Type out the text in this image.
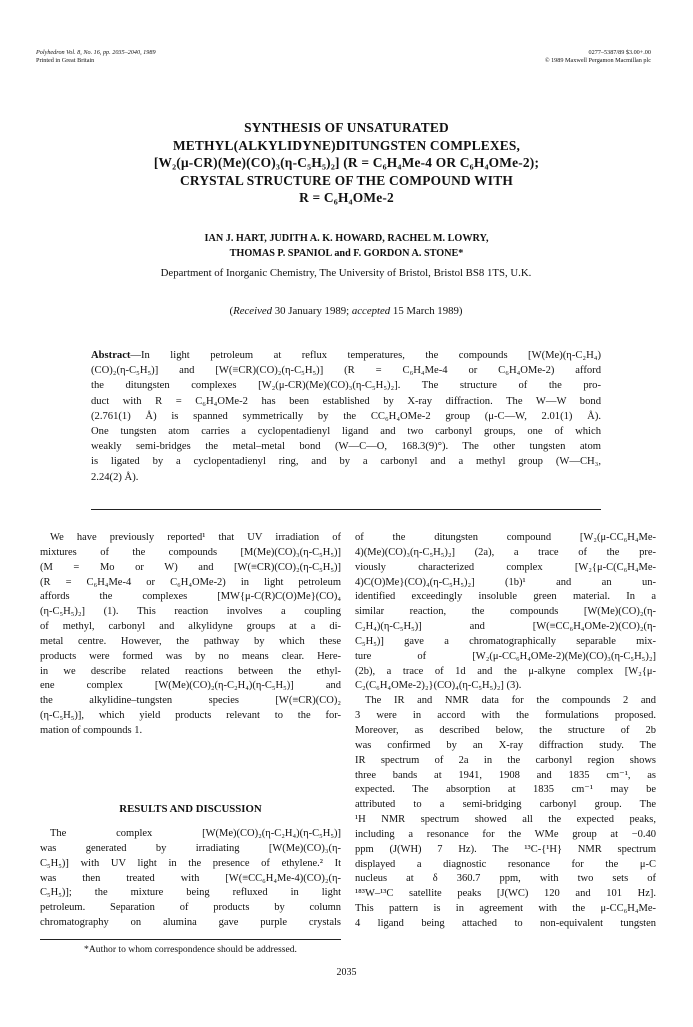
Polyhedron Vol. 8, No. 16, pp. 2035–2040, 1989
Printed in Great Britain
0277–5387/89 $3.00+.00
© 1989 Maxwell Pergamon Macmillan plc
SYNTHESIS OF UNSATURATED
METHYL(ALKYLIDYNE)DITUNGSTEN COMPLEXES,
[W₂(μ-CR)(Me)(CO)₃(η-C₅H₅)₂] (R = C₆H₄Me-4 OR C₆H₄OMe-2);
CRYSTAL STRUCTURE OF THE COMPOUND WITH
R = C₆H₄OMe-2
IAN J. HART, JUDITH A. K. HOWARD, RACHEL M. LOWRY,
THOMAS P. SPANIOL and F. GORDON A. STONE*
Department of Inorganic Chemistry, The University of Bristol, Bristol BS8 1TS, U.K.
(Received 30 January 1989; accepted 15 March 1989)

Abstract—In light petroleum at reflux temperatures, the compounds [W(Me)(η-C₂H₄)

(CO)₂(η-C₅H₅)] and [W(≡CR)(CO)₂(η-C₅H₅)] (R = C₆H₄Me-4 or C₆H₄OMe-2) afford

the ditungsten complexes [W₂(μ-CR)(Me)(CO)₃(η-C₅H₅)₂]. The structure of the pro-

duct with R = C₆H₄OMe-2 has been established by X-ray diffraction. The W—W bond

(2.761(1) Å) is spanned symmetrically by the CC₆H₄OMe-2 group (μ-C—W, 2.01(1) Å).

One tungsten atom carries a cyclopentadienyl ligand and two carbonyl groups, one of which

weakly semi-bridges the metal–metal bond (W—C—O, 168.3(9)°). The other tungsten atom

is ligated by a cyclopentadienyl ring, and by a carbonyl and a methyl group (W—CH₃,

2.24(2) Å).

We have previously reported¹ that UV irradiation of
mixtures of the compounds [M(Me)(CO)₃(η-C₅H₅)]
(M = Mo or W) and [W(≡CR)(CO)₂(η-C₅H₅)]
(R = C₆H₄Me-4 or C₆H₄OMe-2) in light petroleum
affords the complexes [MW{μ-C(R)C(O)Me}(CO)₄
(η-C₅H₅)₂] (1). This reaction involves a coupling
of methyl, carbonyl and alkylidyne groups at a di-
metal centre. However, the pathway by which these
products were formed was by no means clear. Here-
in we describe related reactions between the ethyl-
ene complex [W(Me)(CO)₂(η-C₂H₄)(η-C₅H₅)] and
the alkylidine–tungsten species [W(≡CR)(CO)₂
(η-C₅H₅)], which yield products relevant to the for-
mation of compounds 1.
RESULTS AND DISCUSSION
The complex [W(Me)(CO)₂(η-C₂H₄)(η-C₅H₅)]
was generated by irradiating [W(Me)(CO)₃(η-
C₅H₅)] with UV light in the presence of ethylene.² It
was then treated with [W(≡CC₆H₄Me-4)(CO)₂(η-
C₅H₅)]; the mixture being refluxed in light
petroleum. Separation of products by column
chromatography on alumina gave purple crystals
*Author to whom correspondence should be addressed.
of the ditungsten compound [W₂(μ-CC₆H₄Me-
4)(Me)(CO)₃(η-C₅H₅)₂] (2a), a trace of the pre-
viously characterized complex [W₂{μ-C(C₆H₄Me-
4)C(O)Me}(CO)₄(η-C₅H₅)₂] (1b)¹ and an un-
identified exceedingly insoluble green material. In a
similar reaction, the compounds [W(Me)(CO)₂(η-
C₂H₄)(η-C₅H₅)] and [W(≡CC₆H₄OMe-2)(CO)₂(η-
C₅H₅)] gave a chromatographically separable mix-
ture of [W₂(μ-CC₆H₄OMe-2)(Me)(CO)₃(η-C₅H₅)₂]
(2b), a trace of 1d and the μ-alkyne complex [W₂{μ-
C₂(C₆H₄OMe-2)₂}(CO)₄(η-C₅H₅)₂] (3).
The IR and NMR data for the compounds 2 and
3 were in accord with the formulations proposed.
Moreover, as described below, the structure of 2b
was confirmed by an X-ray diffraction study. The
IR spectrum of 2a in the carbonyl region shows
three bands at 1941, 1908 and 1835 cm⁻¹, as
expected. The absorption at 1835 cm⁻¹ may be
attributed to a semi-bridging carbonyl group. The
¹H NMR spectrum showed all the expected peaks,
including a resonance for the WMe group at −0.40
ppm (J(WH) 7 Hz). The ¹³C-{¹H} NMR spectrum
displayed a diagnostic resonance for the μ-C
nucleus at δ 360.7 ppm, with two sets of
¹⁸³W–¹³C satellite peaks [J(WC) 120 and 101 Hz].
This pattern is in agreement with the μ-CC₆H₄Me-
4 ligand being attached to non-equivalent tungsten
2035
